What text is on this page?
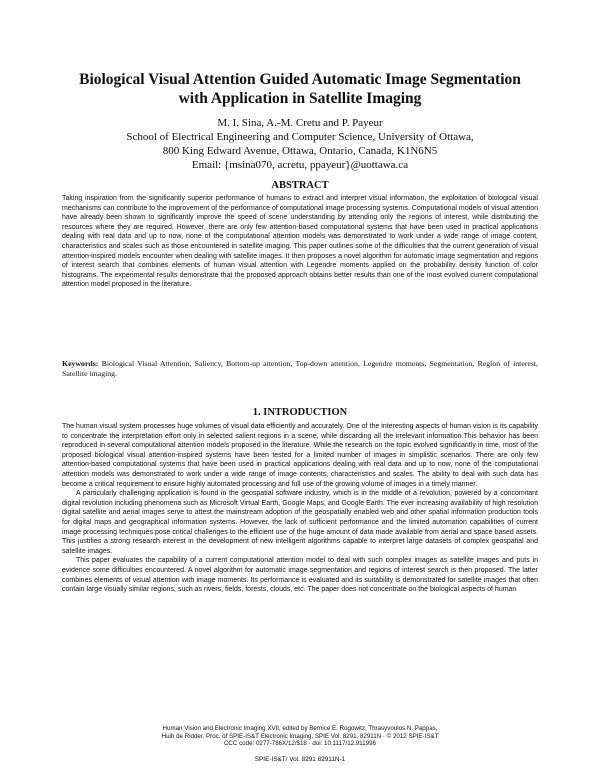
Biological Visual Attention Guided Automatic Image Segmentation
with Application in Satellite Imaging
M. I. Sina, A.-M. Cretu and P. Payeur
School of Electrical Engineering and Computer Science, University of Ottawa,
800 King Edward Avenue, Ottawa, Ontario, Canada, K1N6N5
Email: {msina070, acretu, ppayeur}@uottawa.ca
ABSTRACT

Taking inspiration from the significantly superior performance of humans to extract and interpret visual information, the exploitation of biological visual mechanisms can contribute to the improvement of the performance of computational image processing systems. Computational models of visual attention have already been shown to significantly improve the speed of scene understanding by attending only the regions of interest, while distributing the resources where they are required. However, there are only few attention-based computational systems that have been used in practical applications dealing with real data and up to now, none of the computational attention models was demonstrated to work under a wide range of image content, characteristics and scales such as those encountered in satellite imaging. This paper outlines some of the difficulties that the current generation of visual attention-inspired models encounter when dealing with satellite images. It then proposes a novel algorithm for automatic image segmentation and regions of interest search that combines elements of human visual attention with Legendre moments applied on the probability density function of color histograms. The experimental results demonstrate that the proposed approach obtains better results than one of the most evolved current computational attention model proposed in the literature.

Keywords: Biological Visual Attention, Saliency, Bottom-up attention, Top-down attention, Legendre moments, Segmentation, Region of interest, Satellite imaging.

1. INTRODUCTION

The human visual system processes huge volumes of visual data efficiently and accurately. One of the interesting aspects of human vision is its capability to concentrate the interpretation effort only in selected salient regions in a scene, while discarding all the irrelevant information.This behavior has been reproduced in several computational attention models proposed in the literature. While the research on the topic evolved significantly in time, most of the proposed biological visual attention-inspired systems have been tested for a limited number of images in simplistic scenarios. There are only few attention-based computational systems that have been used in practical applications dealing with real data and up to now, none of the computational attention models was demonstrated to work under a wide range of image contents, characteristics and scales. The ability to deal with such data has become a critical requirement to ensure highly automated processing and full use of the growing volume of images in a timely manner.

A particularly challenging application is found in the geospatial software industry, which is in the middle of a revolution, powered by a concomitant digital revolution including phenomena such as Microsoft Virtual Earth, Google Maps, and Google Earth. The ever increasing availability of high resolution digital satellite and aerial images serve to attest the mainstream adoption of the geospatially enabled web and other spatial information production tools for digital maps and geographical information systems. However, the lack of sufficient performance and the limited automation capabilities of current image processing techniques pose critical challenges to the efficient use of the huge amount of data made available from aerial and space based assets. This justifies a strong research interest in the development of new intelligent algorithms capable to interpret large datasets of complex geospatial and satellite images.

This paper evaluates the capability of a current computational attention model to deal with such complex images as satellite images and puts in evidence some difficulties encountered. A novel algorithm for automatic image segmentation and regions of interest search is then proposed. The latter combines elements of visual attention with image moments. Its performance is evaluated and its suitability is demonstrated for satellite images that often contain large visually similar regions, such as rivers, fields, forests, clouds, etc. The paper does not concentrate on the biological aspects of human

Human Vision and Electronic Imaging XVII, edited by Bernice E. Rogowitz, Thrasyvoulos N. Pappas,
Huib de Ridder, Proc. of SPIE-IS&T Electronic Imaging, SPIE Vol. 8291, 82911N · © 2012 SPIE-IS&T
CCC code: 0277-786X/12/$18 · doi: 10.1117/12.911996
SPIE-IS&T/ Vol. 8291 82911N-1
